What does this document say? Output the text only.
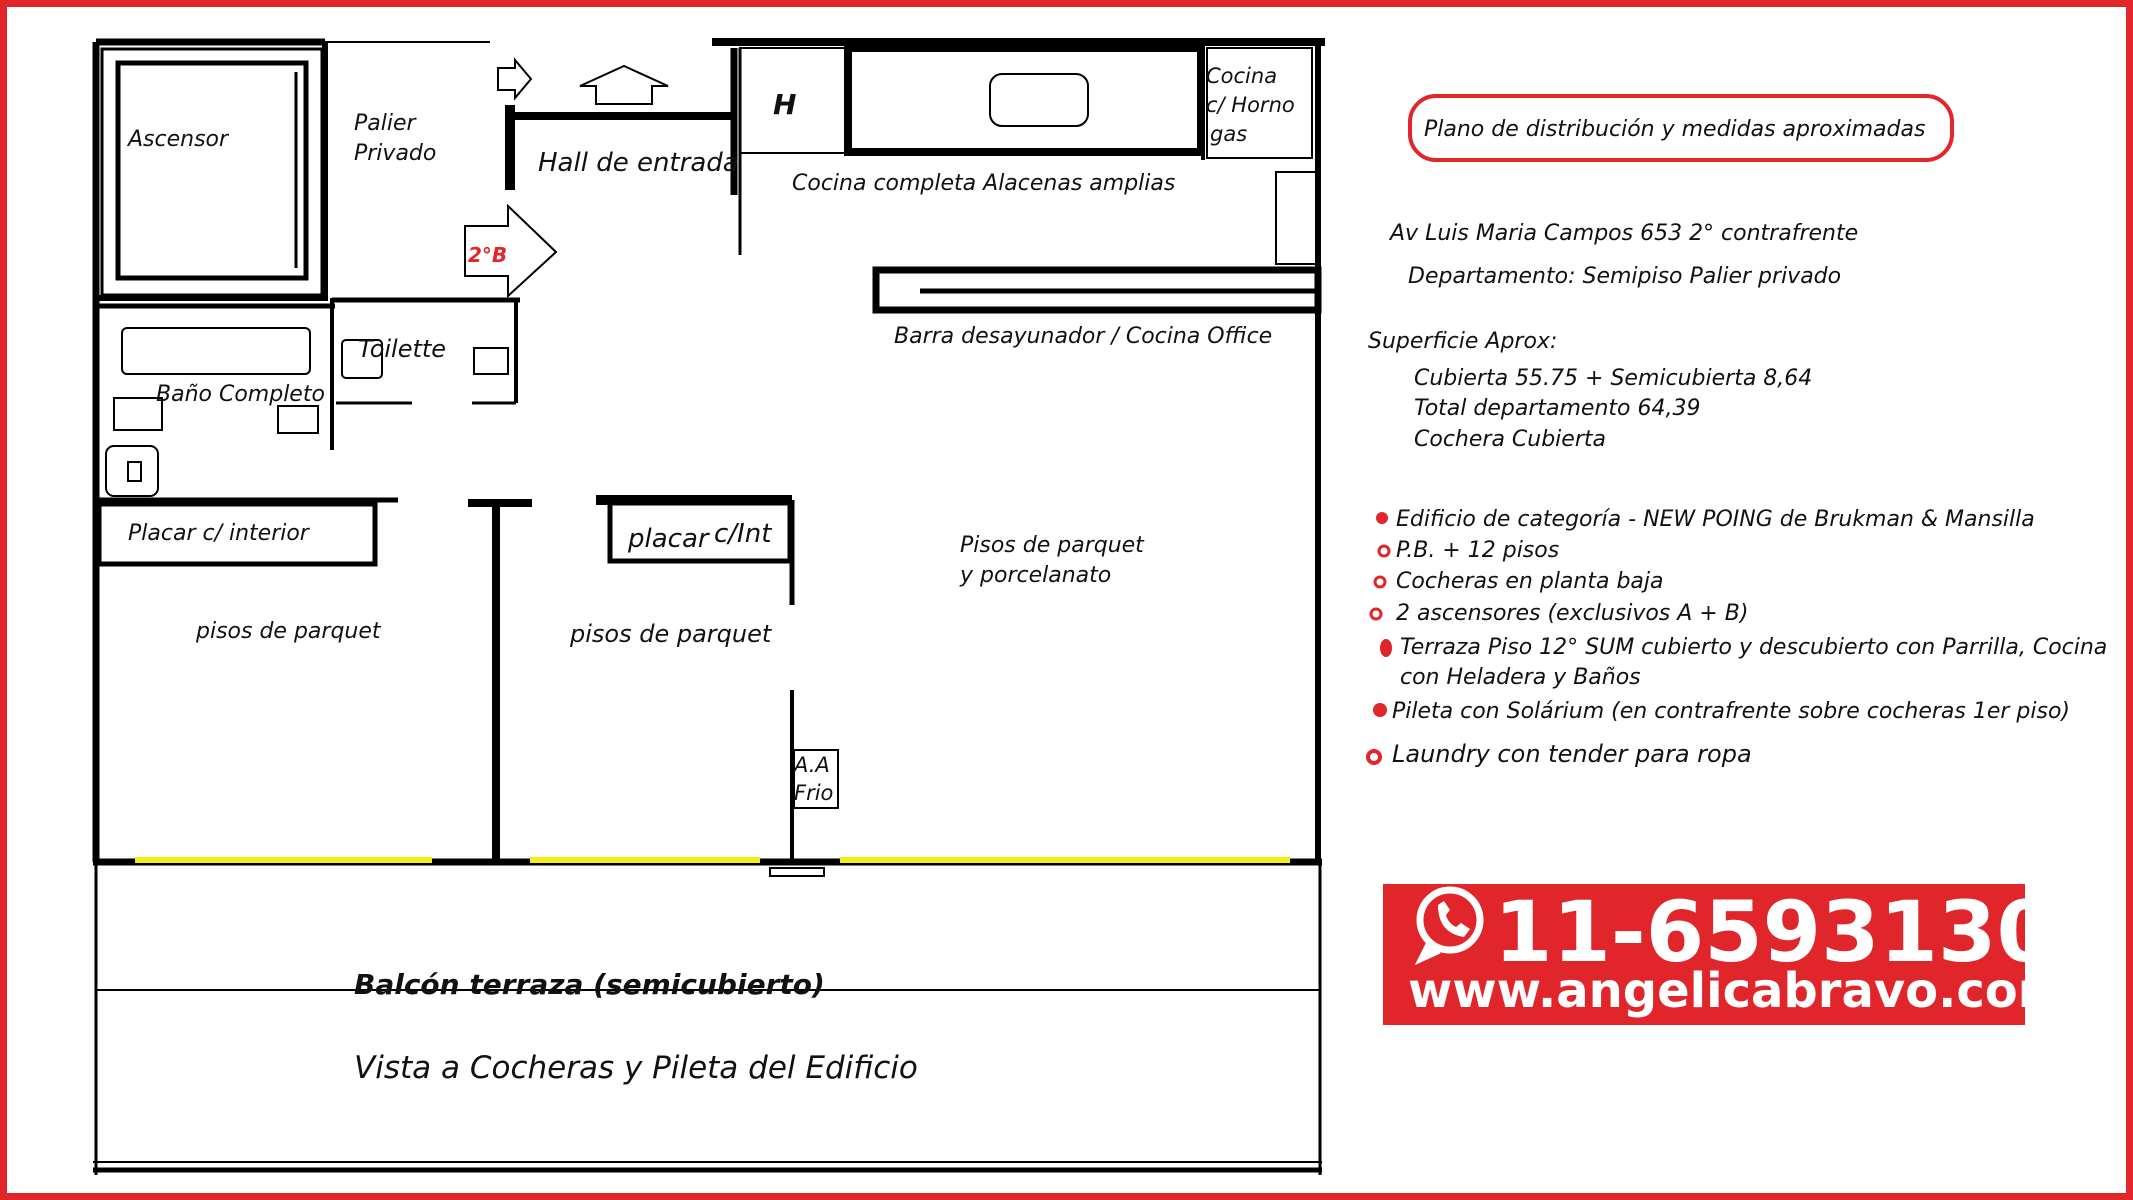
Ascensor
Palier
Privado	Hall de entrada
H
Cocina
c/ Horno
gas
Cocina completa Alacenas amplias
2°B
Toilette
Baño Completo
Barra desayunador / Cocina Office
Placar c/ interior	placar c/Int	Pisos de parquet
y porcelanato
pisos de parquet	pisos de parquet
A.A
Frio
Balcón terraza (semicubierto)
Vista a Cocheras y Pileta del Edificio
Plano de distribución y medidas aproximadas
Av Luis Maria Campos 653 2° contrafrente
Departamento: Semipiso Palier privado
Superficie Aprox:
Cubierta 55.75 + Semicubierta 8,64
Total departamento 64,39
Cochera Cubierta
Edificio de categoría - NEW POING de Brukman & Mansilla
P.B. + 12 pisos
Cocheras en planta baja
2 ascensores (exclusivos A + B)
Terraza Piso 12° SUM cubierto y descubierto con Parrilla, Cocina
con Heladera y Baños
Pileta con Solárium (en contrafrente sobre cocheras 1er piso)
Laundry con tender para ropa
11-65931305
www.angelicabravo.com
